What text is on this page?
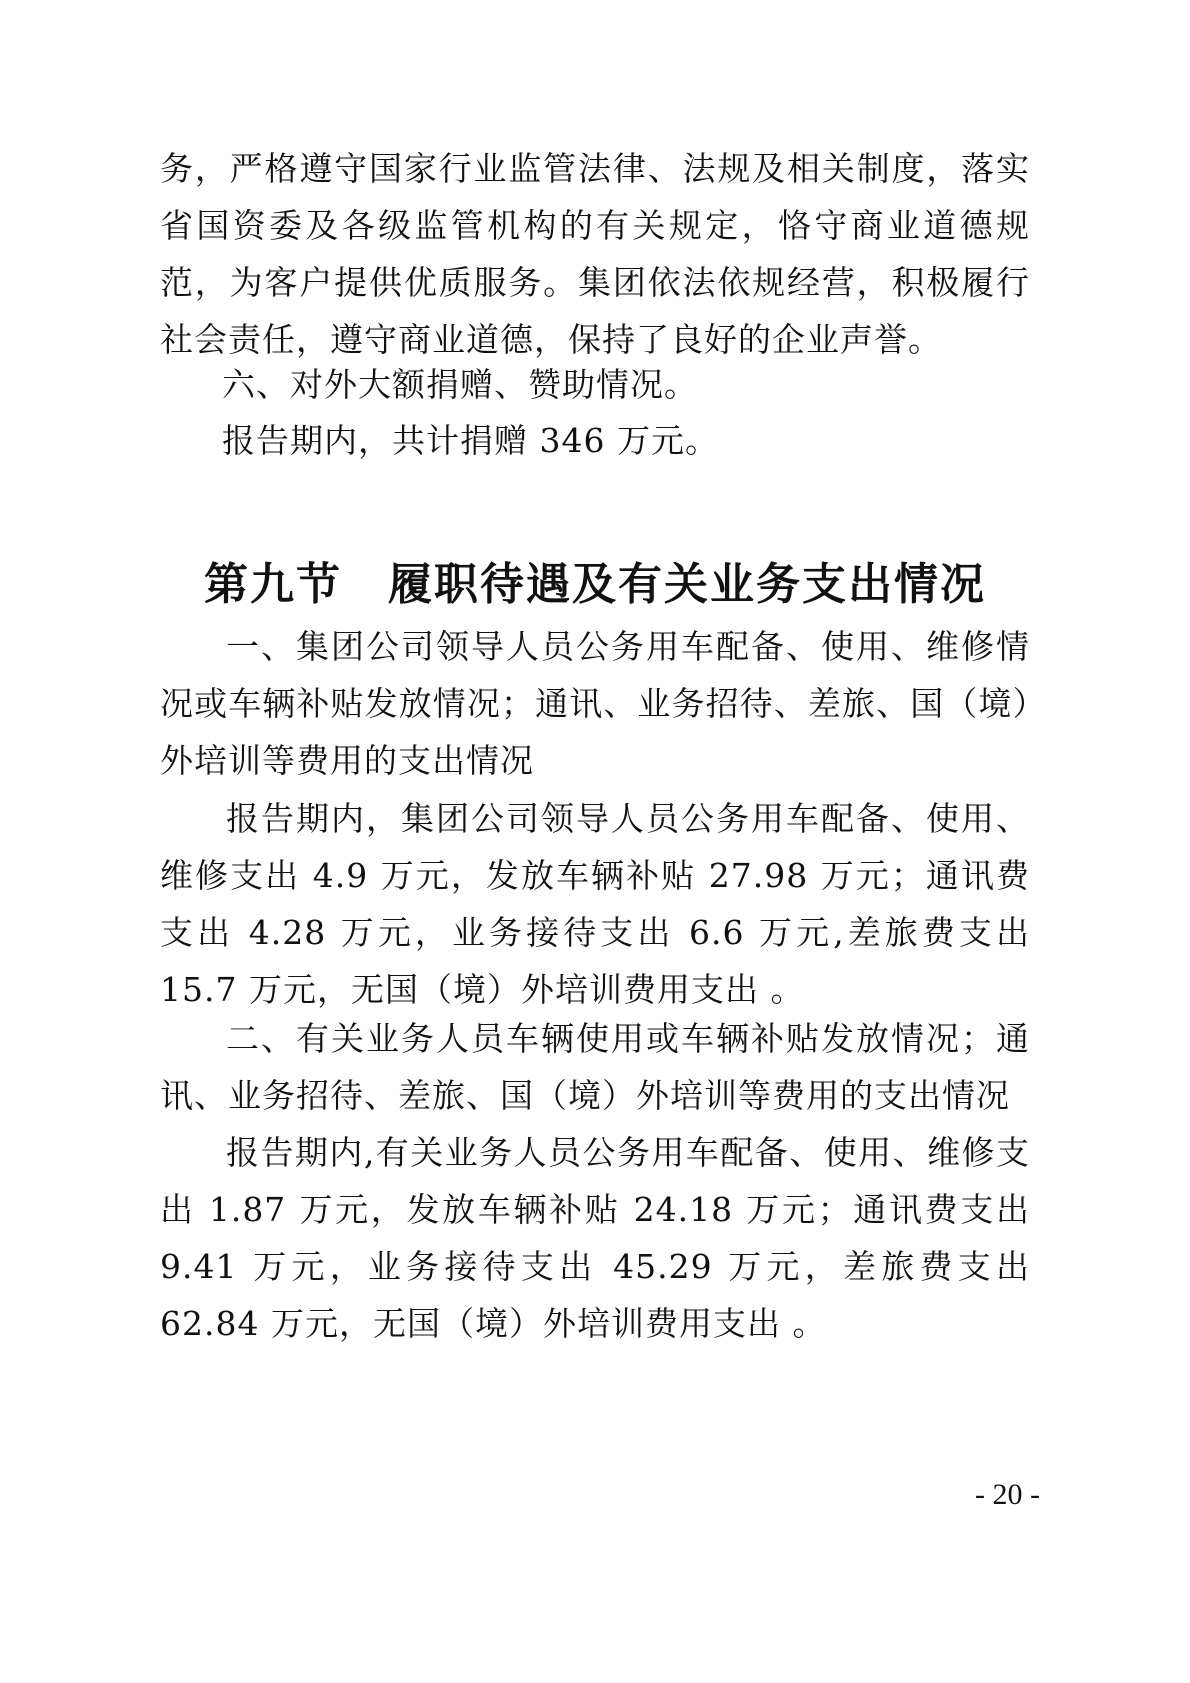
务，严格遵守国家行业监管法律、法规及相关制度，落实省国资委及各级监管机构的有关规定，恪守商业道德规范，为客户提供优质服务。集团依法依规经营，积极履行社会责任，遵守商业道德，保持了良好的企业声誉。

六、对外大额捐赠、赞助情况。

报告期内，共计捐赠 346 万元。

第九节　履职待遇及有关业务支出情况

一、集团公司领导人员公务用车配备、使用、维修情况或车辆补贴发放情况；通讯、业务招待、差旅、国（境）外培训等费用的支出情况

报告期内，集团公司领导人员公务用车配备、使用、维修支出 4.9 万元，发放车辆补贴 27.98 万元；通讯费支出 4.28 万元，业务接待支出 6.6 万元,差旅费支出 15.7 万元，无国（境）外培训费用支出 。

二、有关业务人员车辆使用或车辆补贴发放情况；通讯、业务招待、差旅、国（境）外培训等费用的支出情况

报告期内,有关业务人员公务用车配备、使用、维修支出 1.87 万元，发放车辆补贴 24.18 万元；通讯费支出 9.41 万元，业务接待支出 45.29 万元，差旅费支出 62.84 万元，无国（境）外培训费用支出 。

- 20 -
